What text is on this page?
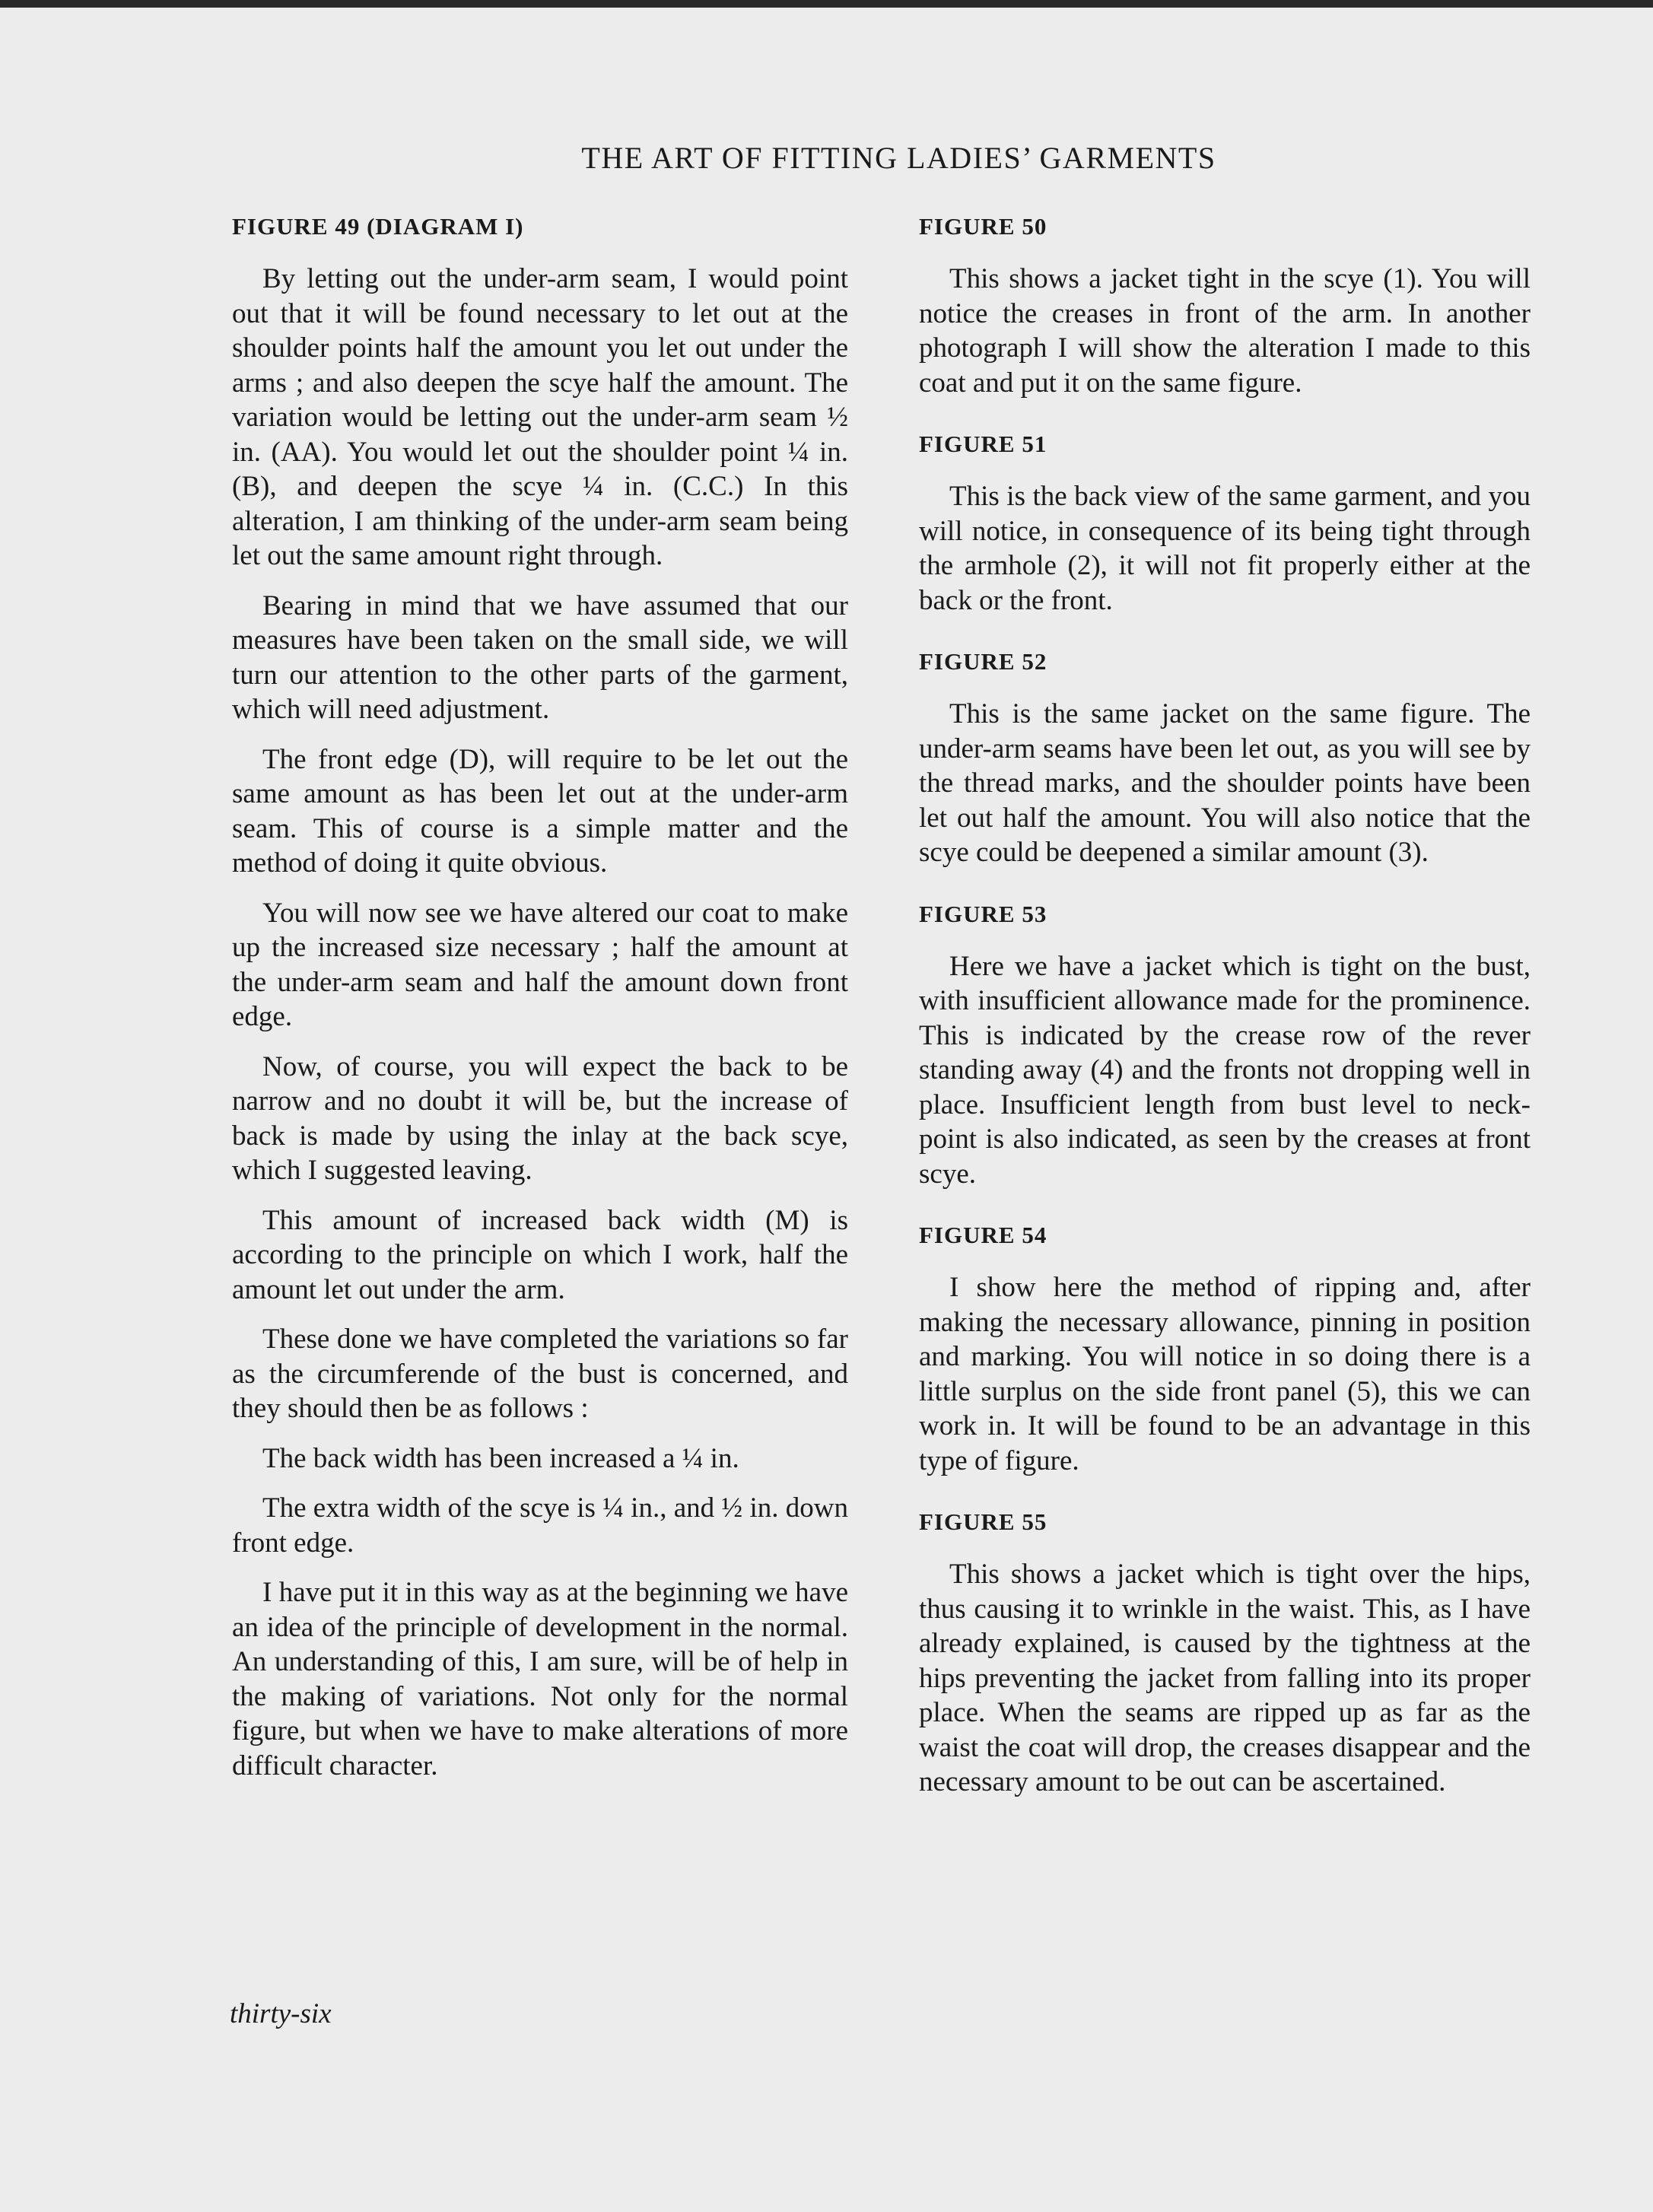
THE ART OF FITTING LADIES’ GARMENTS
FIGURE 49 (DIAGRAM I)

By letting out the under-arm seam, I would point out that it will be found necessary to let out at the shoulder points half the amount you let out under the arms ; and also deepen the scye half the amount. The variation would be letting out the under-arm seam ½ in. (AA). You would let out the shoulder point ¼ in. (B), and deepen the scye ¼ in. (C.C.) In this alteration, I am thinking of the under-arm seam being let out the same amount right through.

Bearing in mind that we have assumed that our measures have been taken on the small side, we will turn our attention to the other parts of the garment, which will need adjustment.

The front edge (D), will require to be let out the same amount as has been let out at the under-arm seam. This of course is a simple matter and the method of doing it quite obvious.

You will now see we have altered our coat to make up the increased size necessary ; half the amount at the under-arm seam and half the amount down front edge.

Now, of course, you will expect the back to be narrow and no doubt it will be, but the increase of back is made by using the inlay at the back scye, which I suggested leaving.

This amount of increased back width (M) is according to the principle on which I work, half the amount let out under the arm.

These done we have completed the variations so far as the circumferende of the bust is concerned, and they should then be as follows :

The back width has been increased a ¼ in.

The extra width of the scye is ¼ in., and ½ in. down front edge.

I have put it in this way as at the beginning we have an idea of the principle of development in the normal. An understanding of this, I am sure, will be of help in the making of variations. Not only for the normal figure, but when we have to make alterations of more difficult character.

FIGURE 50

This shows a jacket tight in the scye (1). You will notice the creases in front of the arm. In another photograph I will show the alteration I made to this coat and put it on the same figure.

FIGURE 51

This is the back view of the same garment, and you will notice, in consequence of its being tight through the armhole (2), it will not fit properly either at the back or the front.

FIGURE 52

This is the same jacket on the same figure. The under-arm seams have been let out, as you will see by the thread marks, and the shoulder points have been let out half the amount. You will also notice that the scye could be deepened a similar amount (3).

FIGURE 53

Here we have a jacket which is tight on the bust, with insufficient allowance made for the prominence. This is indicated by the crease row of the rever standing away (4) and the fronts not dropping well in place. Insufficient length from bust level to neck-point is also indicated, as seen by the creases at front scye.

FIGURE 54

I show here the method of ripping and, after making the necessary allowance, pinning in position and marking. You will notice in so doing there is a little surplus on the side front panel (5), this we can work in. It will be found to be an advantage in this type of figure.

FIGURE 55

This shows a jacket which is tight over the hips, thus causing it to wrinkle in the waist. This, as I have already explained, is caused by the tightness at the hips preventing the jacket from falling into its proper place. When the seams are ripped up as far as the waist the coat will drop, the creases disappear and the necessary amount to be out can be ascertained.

thirty-six
